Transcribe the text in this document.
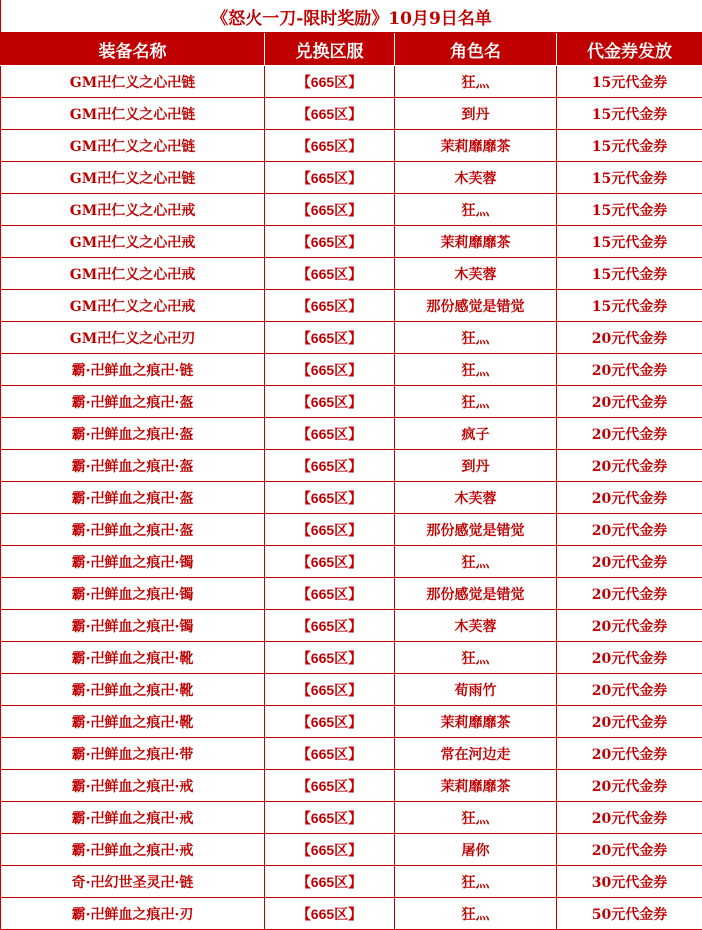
《怒火一刀-限时奖励》10月9日名单			
装备名称	兑换区服	角色名	代金券发放
GM卍仁义之心卍链	【665区】	狂灬	15元代金券
GM卍仁义之心卍链	【665区】	到丹	15元代金券
GM卍仁义之心卍链	【665区】	茉莉靡靡茶	15元代金券
GM卍仁义之心卍链	【665区】	木芙蓉	15元代金券
GM卍仁义之心卍戒	【665区】	狂灬	15元代金券
GM卍仁义之心卍戒	【665区】	茉莉靡靡茶	15元代金券
GM卍仁义之心卍戒	【665区】	木芙蓉	15元代金券
GM卍仁义之心卍戒	【665区】	那份感觉是错觉	15元代金券
GM卍仁义之心卍刃	【665区】	狂灬	20元代金券
霸·卍鲜血之痕卍·链	【665区】	狂灬	20元代金券
霸·卍鲜血之痕卍·盔	【665区】	狂灬	20元代金券
霸·卍鲜血之痕卍·盔	【665区】	疯子	20元代金券
霸·卍鲜血之痕卍·盔	【665区】	到丹	20元代金券
霸·卍鲜血之痕卍·盔	【665区】	木芙蓉	20元代金券
霸·卍鲜血之痕卍·盔	【665区】	那份感觉是错觉	20元代金券
霸·卍鲜血之痕卍·镯	【665区】	狂灬	20元代金券
霸·卍鲜血之痕卍·镯	【665区】	那份感觉是错觉	20元代金券
霸·卍鲜血之痕卍·镯	【665区】	木芙蓉	20元代金券
霸·卍鲜血之痕卍·靴	【665区】	狂灬	20元代金券
霸·卍鲜血之痕卍·靴	【665区】	荀雨竹	20元代金券
霸·卍鲜血之痕卍·靴	【665区】	茉莉靡靡茶	20元代金券
霸·卍鲜血之痕卍·带	【665区】	常在河边走	20元代金券
霸·卍鲜血之痕卍·戒	【665区】	茉莉靡靡茶	20元代金券
霸·卍鲜血之痕卍·戒	【665区】	狂灬	20元代金券
霸·卍鲜血之痕卍·戒	【665区】	屠你	20元代金券
奇·卍幻世圣灵卍·链	【665区】	狂灬	30元代金券
霸·卍鲜血之痕卍·刃	【665区】	狂灬	50元代金券
